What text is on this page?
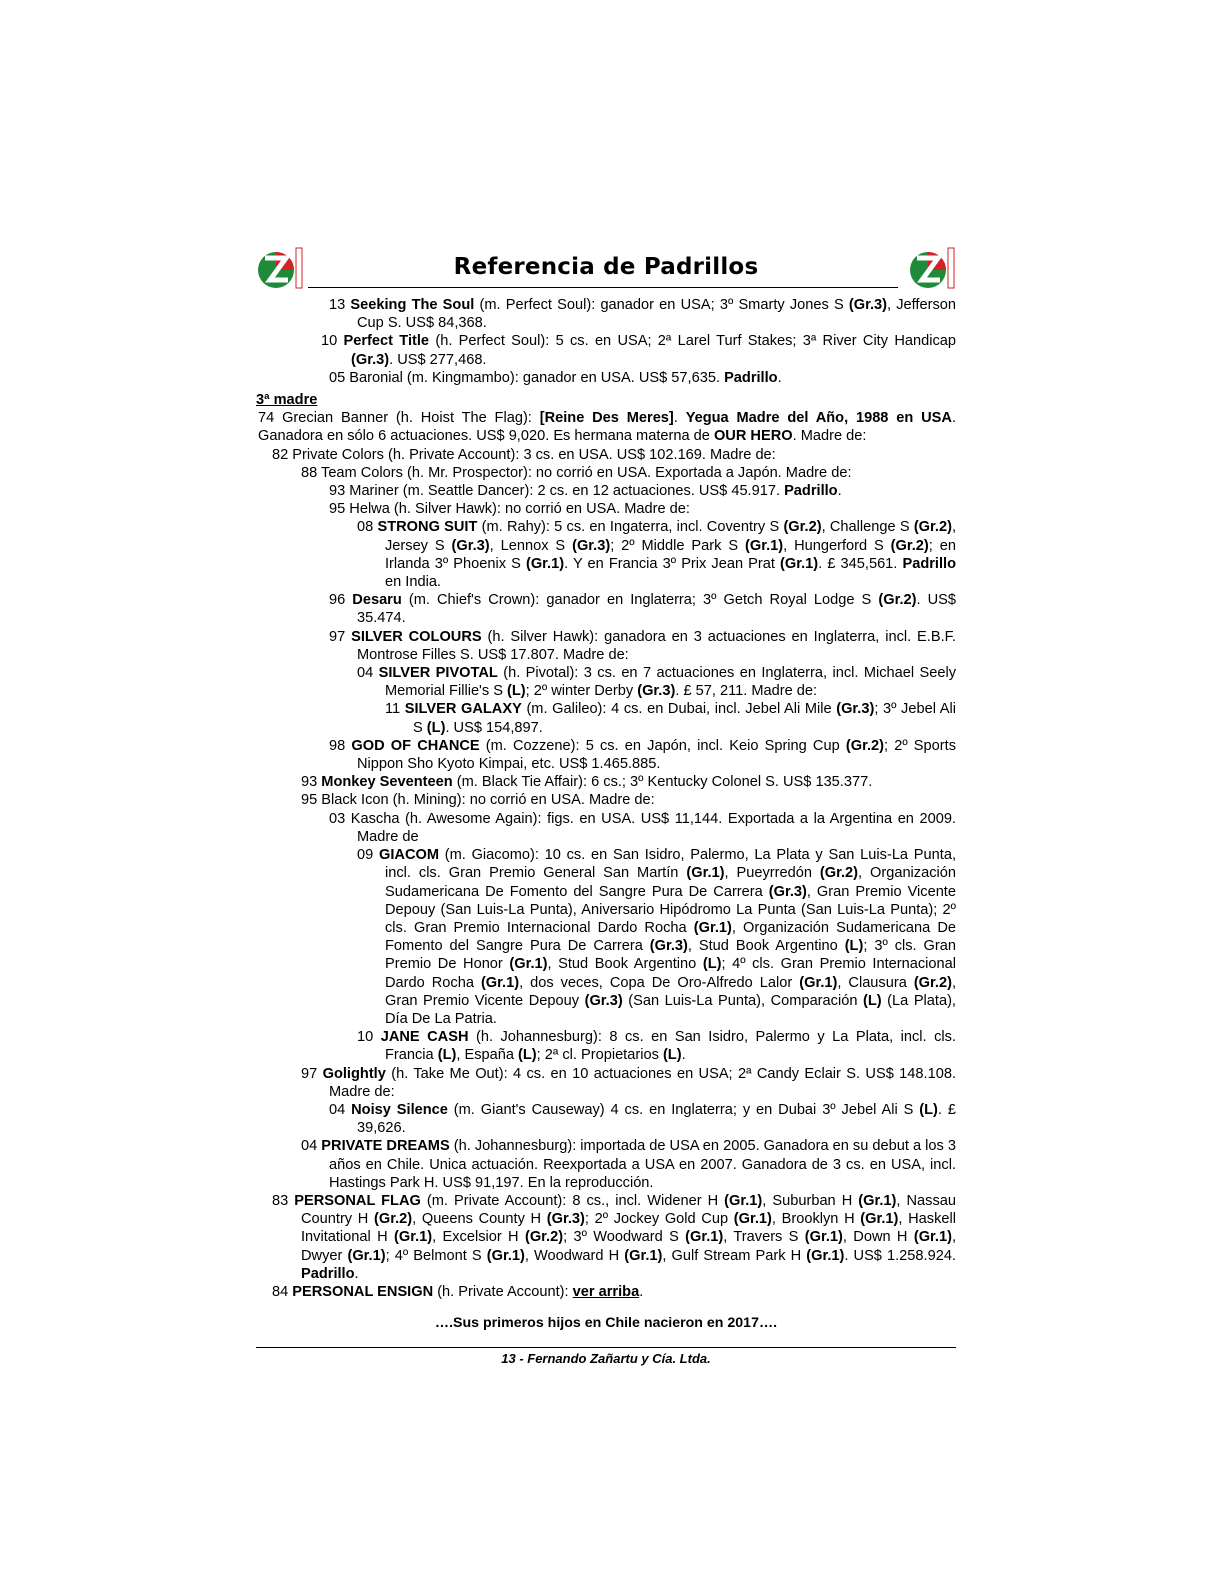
Referencia de Padrillos
13 Seeking The Soul (m. Perfect Soul): ganador en USA; 3º Smarty Jones S (Gr.3), Jefferson Cup S. US$ 84,368.
10 Perfect Title (h. Perfect Soul): 5 cs. en USA; 2ª Larel Turf Stakes; 3ª River City Handicap (Gr.3). US$ 277,468.
05 Baronial (m. Kingmambo): ganador en USA. US$ 57,635. Padrillo.
3ª madre
74 Grecian Banner (h. Hoist The Flag): [Reine Des Meres]. Yegua Madre del Año, 1988 en USA. Ganadora en sólo 6 actuaciones. US$ 9,020. Es hermana materna de OUR HERO. Madre de:
82 Private Colors (h. Private Account): 3 cs. en USA. US$ 102.169. Madre de:
88 Team Colors (h. Mr. Prospector): no corrió en USA. Exportada a Japón. Madre de:
93 Mariner (m. Seattle Dancer): 2 cs. en 12 actuaciones. US$ 45.917. Padrillo.
95 Helwa (h. Silver Hawk): no corrió en USA. Madre de:
08 STRONG SUIT (m. Rahy): 5 cs. en Ingaterra, incl. Coventry S (Gr.2), Challenge S (Gr.2), Jersey S (Gr.3), Lennox S (Gr.3); 2º Middle Park S (Gr.1), Hungerford S (Gr.2); en Irlanda 3º Phoenix S (Gr.1). Y en Francia 3º Prix Jean Prat (Gr.1). £ 345,561. Padrillo en India.
96 Desaru (m. Chief's Crown): ganador en Inglaterra; 3º Getch Royal Lodge S (Gr.2). US$ 35.474.
97 SILVER COLOURS (h. Silver Hawk): ganadora en 3 actuaciones en Inglaterra, incl. E.B.F. Montrose Filles S. US$ 17.807. Madre de:
04 SILVER PIVOTAL (h. Pivotal): 3 cs. en 7 actuaciones en Inglaterra, incl. Michael Seely Memorial Fillie's S (L); 2º winter Derby (Gr.3). £ 57, 211. Madre de:
11 SILVER GALAXY (m. Galileo): 4 cs. en Dubai, incl. Jebel Ali Mile (Gr.3); 3º Jebel Ali S (L). US$ 154,897.
98 GOD OF CHANCE (m. Cozzene): 5 cs. en Japón, incl. Keio Spring Cup (Gr.2); 2º Sports Nippon Sho Kyoto Kimpai, etc. US$ 1.465.885.
93 Monkey Seventeen (m. Black Tie Affair): 6 cs.; 3º Kentucky Colonel S. US$ 135.377.
95 Black Icon (h. Mining): no corrió en USA. Madre de:
03 Kascha (h. Awesome Again): figs. en USA. US$ 11,144. Exportada a la Argentina en 2009. Madre de
09 GIACOM (m. Giacomo): 10 cs. en San Isidro, Palermo, La Plata y San Luis-La Punta, incl. cls. Gran Premio General San Martín (Gr.1), Pueyrredón (Gr.2), Organización Sudamericana De Fomento del Sangre Pura De Carrera (Gr.3), Gran Premio Vicente Depouy (San Luis-La Punta), Aniversario Hipódromo La Punta (San Luis-La Punta); 2º cls. Gran Premio Internacional Dardo Rocha (Gr.1), Organización Sudamericana De Fomento del Sangre Pura De Carrera (Gr.3), Stud Book Argentino (L); 3º cls. Gran Premio De Honor (Gr.1), Stud Book Argentino (L); 4º cls. Gran Premio Internacional Dardo Rocha (Gr.1), dos veces, Copa De Oro-Alfredo Lalor (Gr.1), Clausura (Gr.2), Gran Premio Vicente Depouy (Gr.3) (San Luis-La Punta), Comparación (L) (La Plata), Día De La Patria.
10 JANE CASH (h. Johannesburg): 8 cs. en San Isidro, Palermo y La Plata, incl. cls. Francia (L), España (L); 2ª cl. Propietarios (L).
97 Golightly (h. Take Me Out): 4 cs. en 10 actuaciones en USA; 2ª Candy Eclair S. US$ 148.108. Madre de:
04 Noisy Silence (m. Giant's Causeway) 4 cs. en Inglaterra; y en Dubai 3º Jebel Ali S (L). £ 39,626.
04 PRIVATE DREAMS (h. Johannesburg): importada de USA en 2005. Ganadora en su debut a los 3 años en Chile. Unica actuación. Reexportada a USA en 2007. Ganadora de 3 cs. en USA, incl. Hastings Park H. US$ 91,197. En la reproducción.
83 PERSONAL FLAG (m. Private Account): 8 cs., incl. Widener H (Gr.1), Suburban H (Gr.1), Nassau Country H (Gr.2), Queens County H (Gr.3); 2º Jockey Gold Cup (Gr.1), Brooklyn H (Gr.1), Haskell Invitational H (Gr.1), Excelsior H (Gr.2); 3º Woodward S (Gr.1), Travers S (Gr.1), Down H (Gr.1), Dwyer (Gr.1); 4º Belmont S (Gr.1), Woodward H (Gr.1), Gulf Stream Park H (Gr.1). US$ 1.258.924. Padrillo.
84 PERSONAL ENSIGN (h. Private Account): ver arriba.
….Sus primeros hijos en Chile nacieron en 2017….
13 - Fernando Zañartu y Cía. Ltda.
